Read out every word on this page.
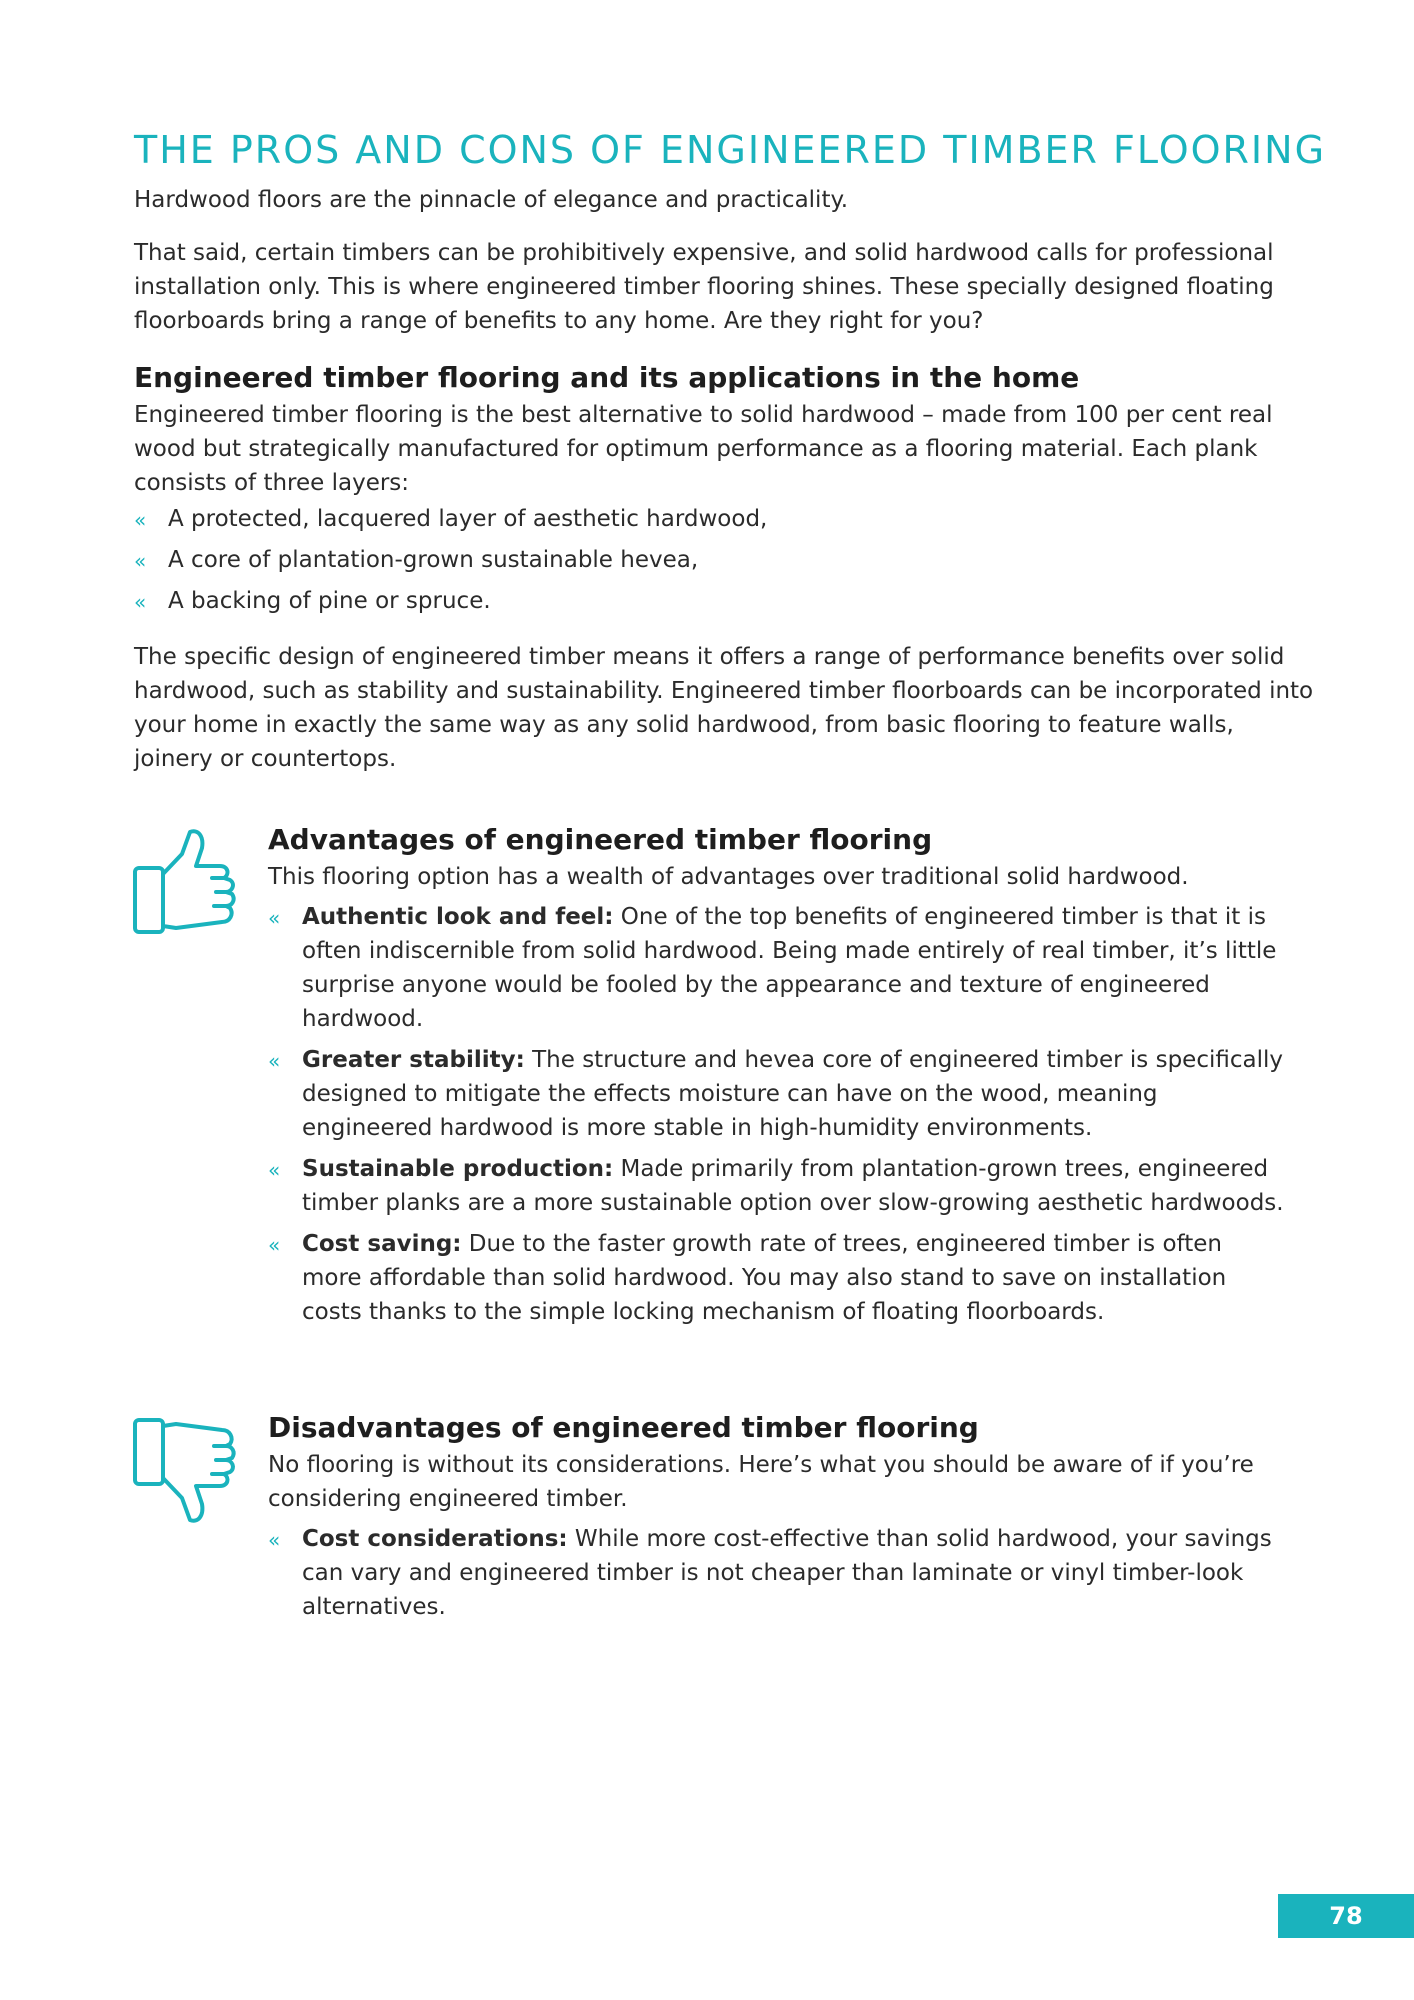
THE PROS AND CONS OF ENGINEERED TIMBER FLOORING

Hardwood floors are the pinnacle of elegance and practicality.

That said, certain timbers can be prohibitively expensive, and solid hardwood calls for professional installation only. This is where engineered timber flooring shines. These specially designed floating floorboards bring a range of benefits to any home. Are they right for you?

Engineered timber flooring and its applications in the home

Engineered timber flooring is the best alternative to solid hardwood – made from 100 per cent real wood but strategically manufactured for optimum performance as a flooring material. Each plank consists of three layers:

« A protected, lacquered layer of aesthetic hardwood,
« A core of plantation-grown sustainable hevea,
« A backing of pine or spruce.

The specific design of engineered timber means it offers a range of performance benefits over solid hardwood, such as stability and sustainability. Engineered timber floorboards can be incorporated into your home in exactly the same way as any solid hardwood, from basic flooring to feature walls, joinery or countertops.

Advantages of engineered timber flooring

This flooring option has a wealth of advantages over traditional solid hardwood.

« Authentic look and feel: One of the top benefits of engineered timber is that it is often indiscernible from solid hardwood. Being made entirely of real timber, it’s little surprise anyone would be fooled by the appearance and texture of engineered hardwood.
« Greater stability: The structure and hevea core of engineered timber is specifically designed to mitigate the effects moisture can have on the wood, meaning engineered hardwood is more stable in high-humidity environments.
« Sustainable production: Made primarily from plantation-grown trees, engineered timber planks are a more sustainable option over slow-growing aesthetic hardwoods.
« Cost saving: Due to the faster growth rate of trees, engineered timber is often more affordable than solid hardwood. You may also stand to save on installation costs thanks to the simple locking mechanism of floating floorboards.
Disadvantages of engineered timber flooring

No flooring is without its considerations. Here’s what you should be aware of if you’re considering engineered timber.

« Cost considerations: While more cost-effective than solid hardwood, your savings can vary and engineered timber is not cheaper than laminate or vinyl timber-look alternatives.
78
